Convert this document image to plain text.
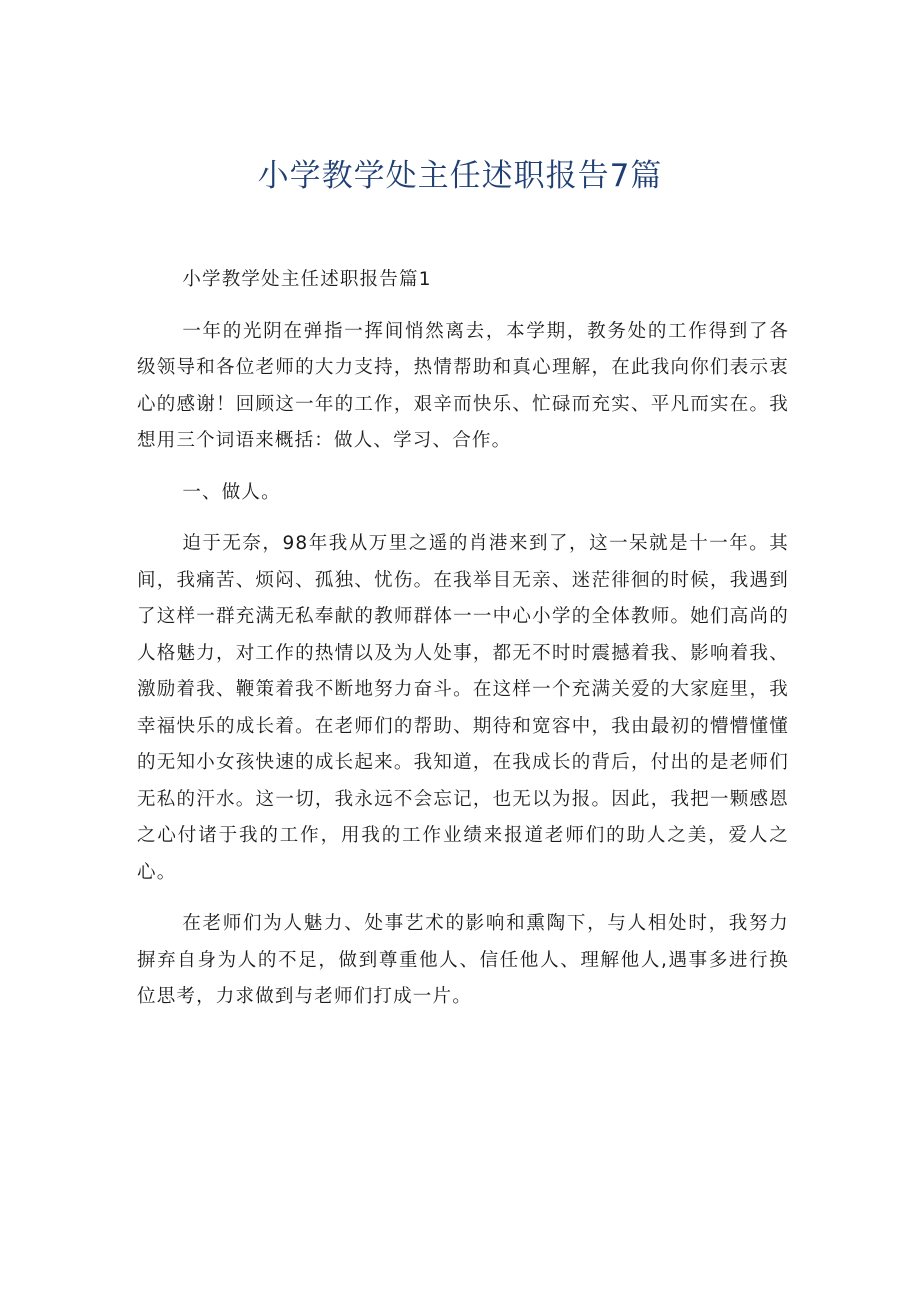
小学教学处主任述职报告7篇

小学教学处主任述职报告篇1

一年的光阴在弹指一挥间悄然离去，本学期，教务处的工作得到了各级领导和各位老师的大力支持，热情帮助和真心理解，在此我向你们表示衷心的感谢！回顾这一年的工作，艰辛而快乐、忙碌而充实、平凡而实在。我想用三个词语来概括：做人、学习、合作。

一、做人。

迫于无奈，98年我从万里之遥的肖港来到了，这一呆就是十一年。其间，我痛苦、烦闷、孤独、忧伤。在我举目无亲、迷茫徘徊的时候，我遇到了这样一群充满无私奉献的教师群体一一中心小学的全体教师。她们高尚的人格魅力，对工作的热情以及为人处事，都无不时时震撼着我、影响着我、激励着我、鞭策着我不断地努力奋斗。在这样一个充满关爱的大家庭里，我幸福快乐的成长着。在老师们的帮助、期待和宽容中，我由最初的懵懵懂懂的无知小女孩快速的成长起来。我知道，在我成长的背后，付出的是老师们无私的汗水。这一切，我永远不会忘记，也无以为报。因此，我把一颗感恩之心付诸于我的工作，用我的工作业绩来报道老师们的助人之美，爱人之心。

在老师们为人魅力、处事艺术的影响和熏陶下，与人相处时，我努力摒弃自身为人的不足，做到尊重他人、信任他人、理解他人,遇事多进行换位思考，力求做到与老师们打成一片。
